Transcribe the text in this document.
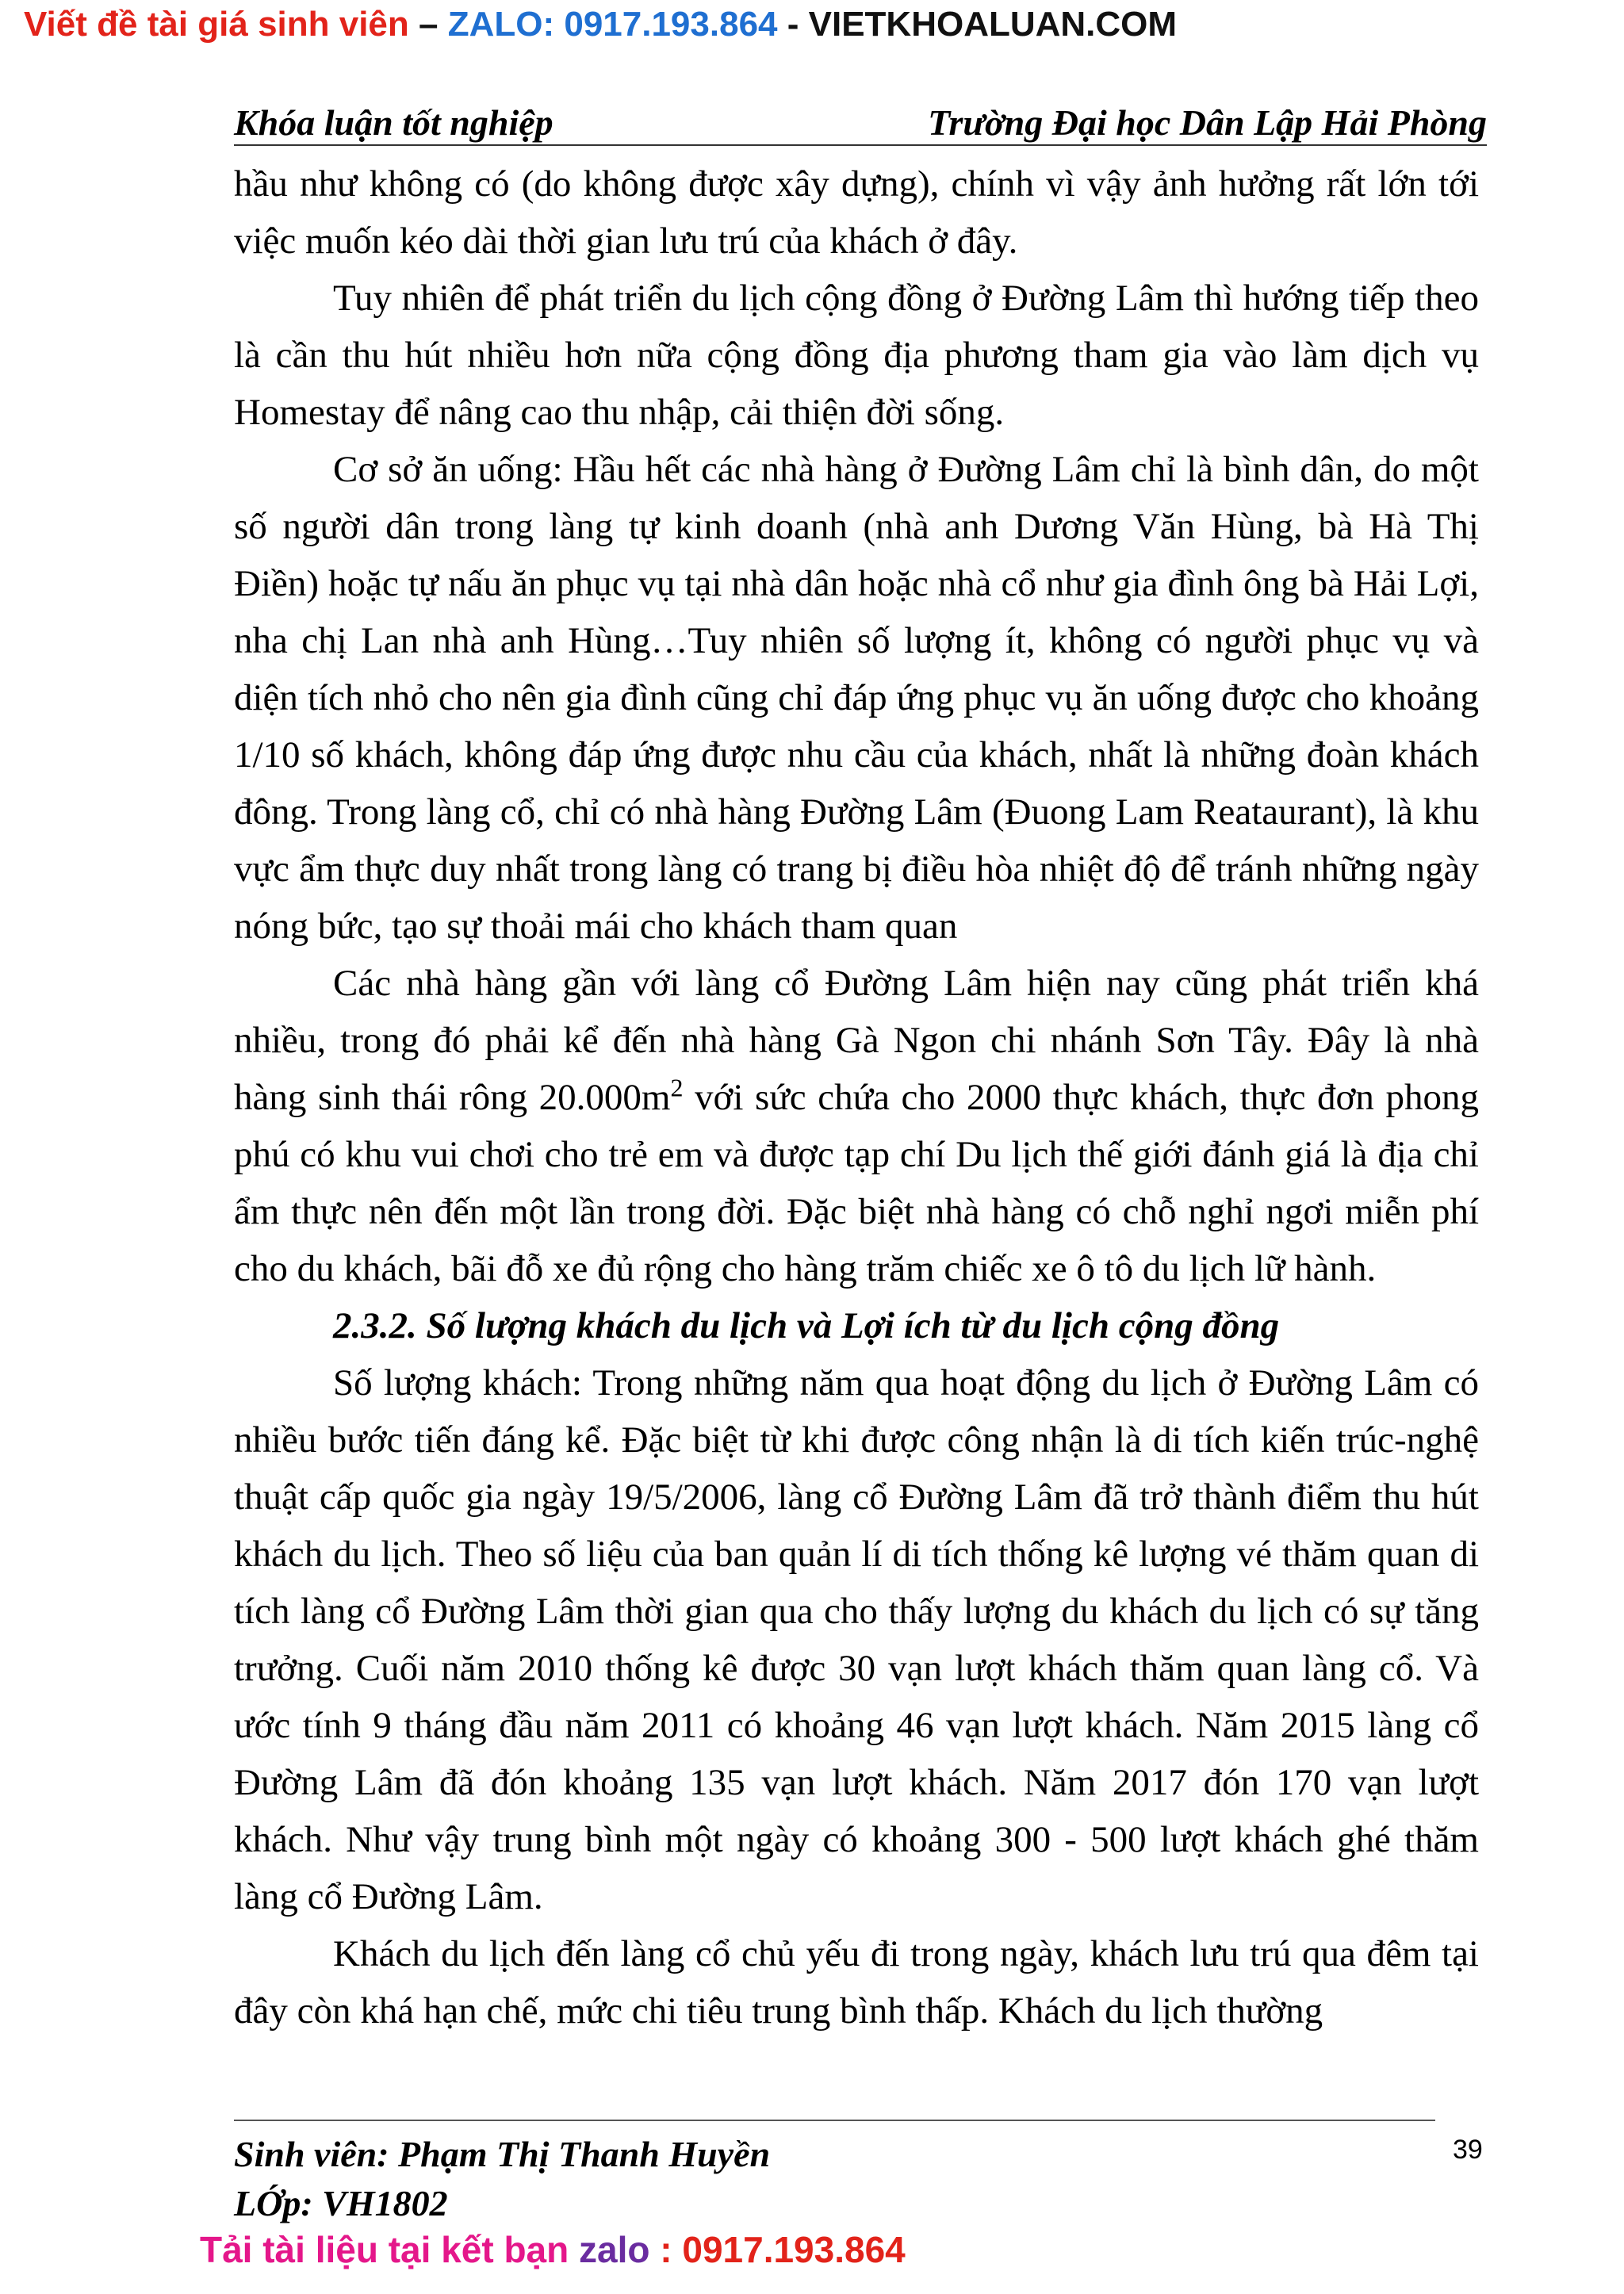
Viết đề tài giá sinh viên – ZALO: 0917.193.864 - VIETKHOALUAN.COM
Khóa luận tốt nghiệp	Trường Đại học Dân Lập Hải Phòng

hầu như không có (do không được xây dựng), chính vì vậy ảnh hưởng rất lớn tới việc muốn kéo dài thời gian lưu trú của khách ở đây.

Tuy nhiên để phát triển du lịch cộng đồng ở Đường Lâm thì hướng tiếp theo là cần thu hút nhiều hơn nữa cộng đồng địa phương tham gia vào làm dịch vụ Homestay để nâng cao thu nhập, cải thiện đời sống.

Cơ sở ăn uống: Hầu hết các nhà hàng ở Đường Lâm chỉ là bình dân, do một số người dân trong làng tự kinh doanh (nhà anh Dương Văn Hùng, bà Hà Thị Điền) hoặc tự nấu ăn phục vụ tại nhà dân hoặc nhà cổ như gia đình ông bà Hải Lợi, nha chị Lan nhà anh Hùng…Tuy nhiên số lượng ít, không có người phục vụ và diện tích nhỏ cho nên gia đình cũng chỉ đáp ứng phục vụ ăn uống được cho khoảng 1/10 số khách, không đáp ứng được nhu cầu của khách, nhất là những đoàn khách đông. Trong làng cổ, chỉ có nhà hàng Đường Lâm (Đuong Lam Reataurant), là khu vực ẩm thực duy nhất trong làng có trang bị điều hòa nhiệt độ để tránh những ngày nóng bức, tạo sự thoải mái cho khách tham quan

Các nhà hàng gần với làng cổ Đường Lâm hiện nay cũng phát triển khá nhiều, trong đó phải kể đến nhà hàng Gà Ngon chi nhánh Sơn Tây. Đây là nhà hàng sinh thái rông $20.000m^2$ với sức chứa cho 2000 thực khách, thực đơn phong phú có khu vui chơi cho trẻ em và được tạp chí Du lịch thế giới đánh giá là địa chỉ ẩm thực nên đến một lần trong đời. Đặc biệt nhà hàng có chỗ nghỉ ngơi miễn phí cho du khách, bãi đỗ xe đủ rộng cho hàng trăm chiếc xe ô tô du lịch lữ hành.

2.3.2. Số lượng khách du lịch và Lợi ích từ du lịch cộng đồng

Số lượng khách: Trong những năm qua hoạt động du lịch ở Đường Lâm có nhiều bước tiến đáng kể. Đặc biệt từ khi được công nhận là di tích kiến trúc-nghệ thuật cấp quốc gia ngày 19/5/2006, làng cổ Đường Lâm đã trở thành điểm thu hút khách du lịch. Theo số liệu của ban quản lí di tích thống kê lượng vé thăm quan di tích làng cổ Đường Lâm thời gian qua cho thấy lượng du khách du lịch có sự tăng trưởng. Cuối năm 2010 thống kê được 30 vạn lượt khách thăm quan làng cổ. Và ước tính 9 tháng đầu năm 2011 có khoảng 46 vạn lượt khách. Năm 2015 làng cổ Đường Lâm đã đón khoảng 135 vạn lượt khách. Năm 2017 đón 170 vạn lượt khách. Như vậy trung bình một ngày có khoảng 300 - 500 lượt khách ghé thăm làng cổ Đường Lâm.

Khách du lịch đến làng cổ chủ yếu đi trong ngày, khách lưu trú qua đêm tại đây còn khá hạn chế, mức chi tiêu trung bình thấp. Khách du lịch thường

Sinh viên: Phạm Thị Thanh Huyền
LỚp: VH1802
39
Tải tài liệu tại kết bạn zalo : 0917.193.864
